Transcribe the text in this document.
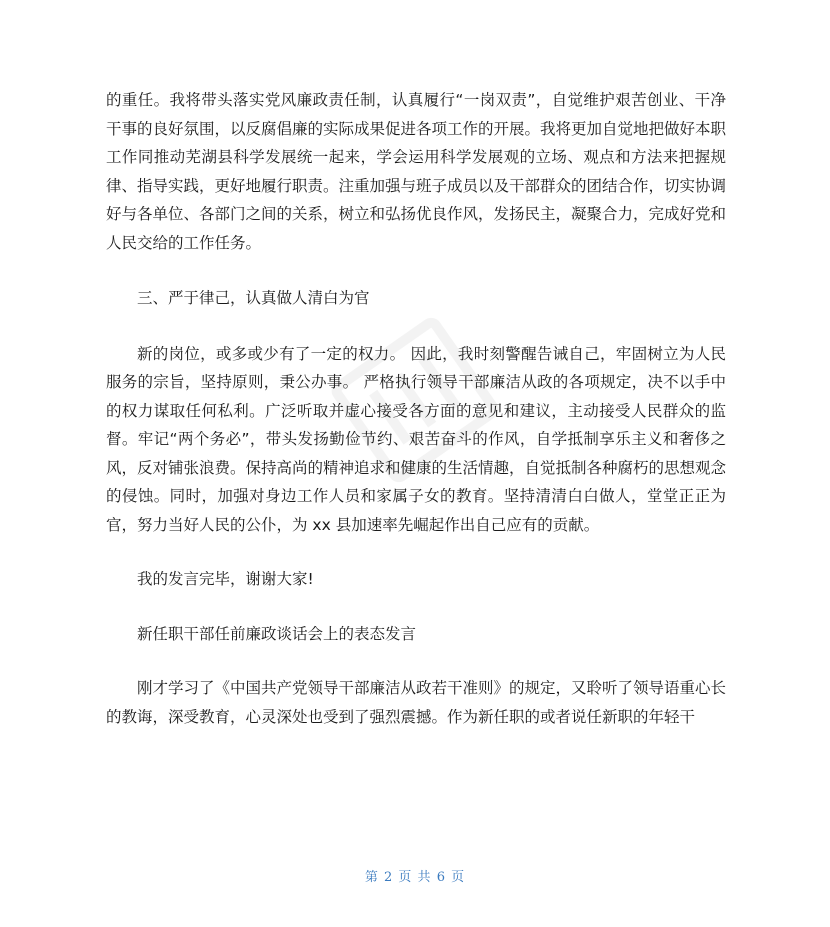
的重任。我将带头落实党风廉政责任制，认真履行“一岗双责”，自觉维护艰苦创业、干净干事的良好氛围，以反腐倡廉的实际成果促进各项工作的开展。我将更加自觉地把做好本职工作同推动芜湖县科学发展统一起来，学会运用科学发展观的立场、观点和方法来把握规律、指导实践，更好地履行职责。注重加强与班子成员以及干部群众的团结合作，切实协调好与各单位、各部门之间的关系，树立和弘扬优良作风，发扬民主，凝聚合力，完成好党和人民交给的工作任务。

三、严于律己，认真做人清白为官

新的岗位，或多或少有了一定的权力。 因此，我时刻警醒告诫自己，牢固树立为人民服务的宗旨，坚持原则，秉公办事。 严格执行领导干部廉洁从政的各项规定，决不以手中的权力谋取任何私利。广泛听取并虚心接受各方面的意见和建议，主动接受人民群众的监督。牢记“两个务必”，带头发扬勤俭节约、艰苦奋斗的作风，自学抵制享乐主义和奢侈之风，反对铺张浪费。保持高尚的精神追求和健康的生活情趣，自觉抵制各种腐朽的思想观念的侵蚀。同时，加强对身边工作人员和家属子女的教育。坚持清清白白做人，堂堂正正为官，努力当好人民的公仆，为 xx 县加速率先崛起作出自己应有的贡献。

我的发言完毕，谢谢大家!

新任职干部任前廉政谈话会上的表态发言

刚才学习了《中国共产党领导干部廉洁从政若干准则》的规定，又聆听了领导语重心长的教诲，深受教育，心灵深处也受到了强烈震撼。作为新任职的或者说任新职的年轻干

第 2 页 共 6 页
